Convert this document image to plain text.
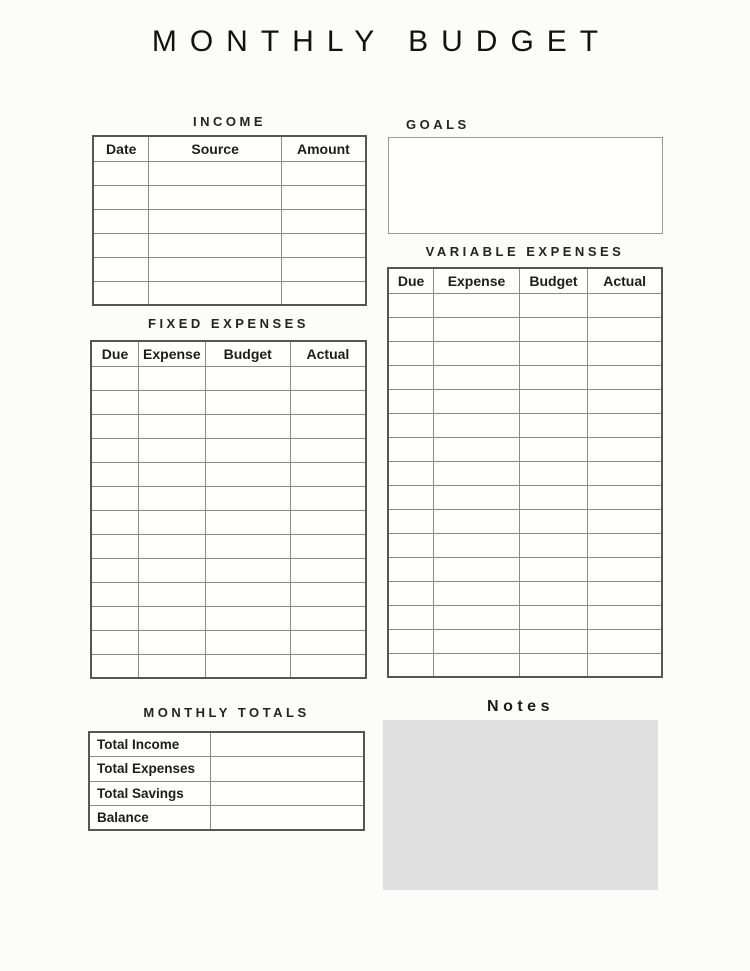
MONTHLY BUDGET
INCOME
Date	Source	Amount

FIXED EXPENSES
Due	Expense	Budget	Actual

MONTHLY TOTALS
Total Income	
Total Expenses	
Total Savings	
Balance	
GOALS
VARIABLE EXPENSES
Due	Expense	Budget	Actual

Notes
